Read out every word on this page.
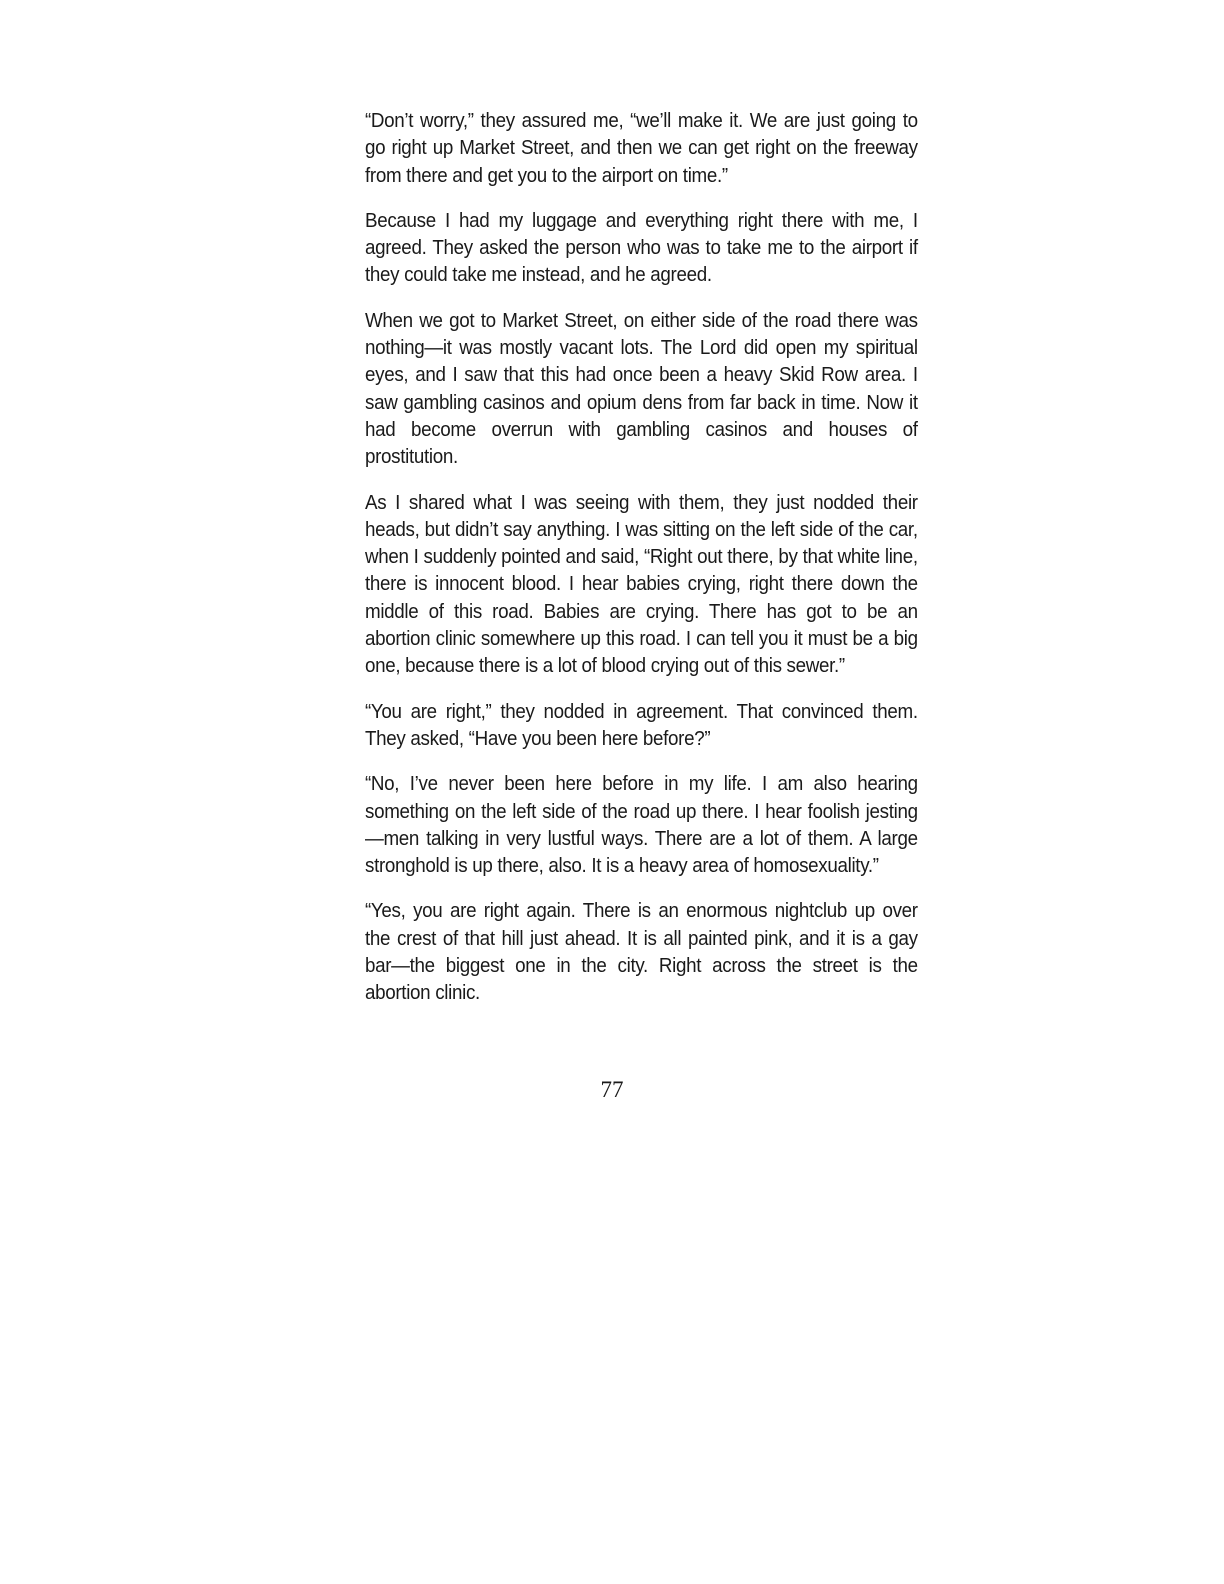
“Don’t worry,” they assured me, “we’ll make it. We are just going to go right up Market Street, and then we can get right on the freeway from there and get you to the airport on time.”

Because I had my luggage and everything right there with me, I agreed. They asked the person who was to take me to the airport if they could take me instead, and he agreed.

When we got to Market Street, on either side of the road there was nothing—it was mostly vacant lots. The Lord did open my spiritual eyes, and I saw that this had once been a heavy Skid Row area. I saw gambling casinos and opium dens from far back in time. Now it had become overrun with gambling casinos and houses of prostitution.

As I shared what I was seeing with them, they just nodded their heads, but didn’t say anything. I was sitting on the left side of the car, when I suddenly pointed and said, “Right out there, by that white line, there is innocent blood. I hear babies crying, right there down the middle of this road. Babies are crying. There has got to be an abortion clinic somewhere up this road. I can tell you it must be a big one, because there is a lot of blood crying out of this sewer.”

“You are right,” they nodded in agreement. That convinced them. They asked, “Have you been here before?”

“No, I’ve never been here before in my life. I am also hearing something on the left side of the road up there. I hear foolish jesting—men talking in very lustful ways. There are a lot of them. A large stronghold is up there, also. It is a heavy area of homosexuality.”

“Yes, you are right again. There is an enormous nightclub up over the crest of that hill just ahead. It is all painted pink, and it is a gay bar—the biggest one in the city. Right across the street is the abortion clinic.

77
